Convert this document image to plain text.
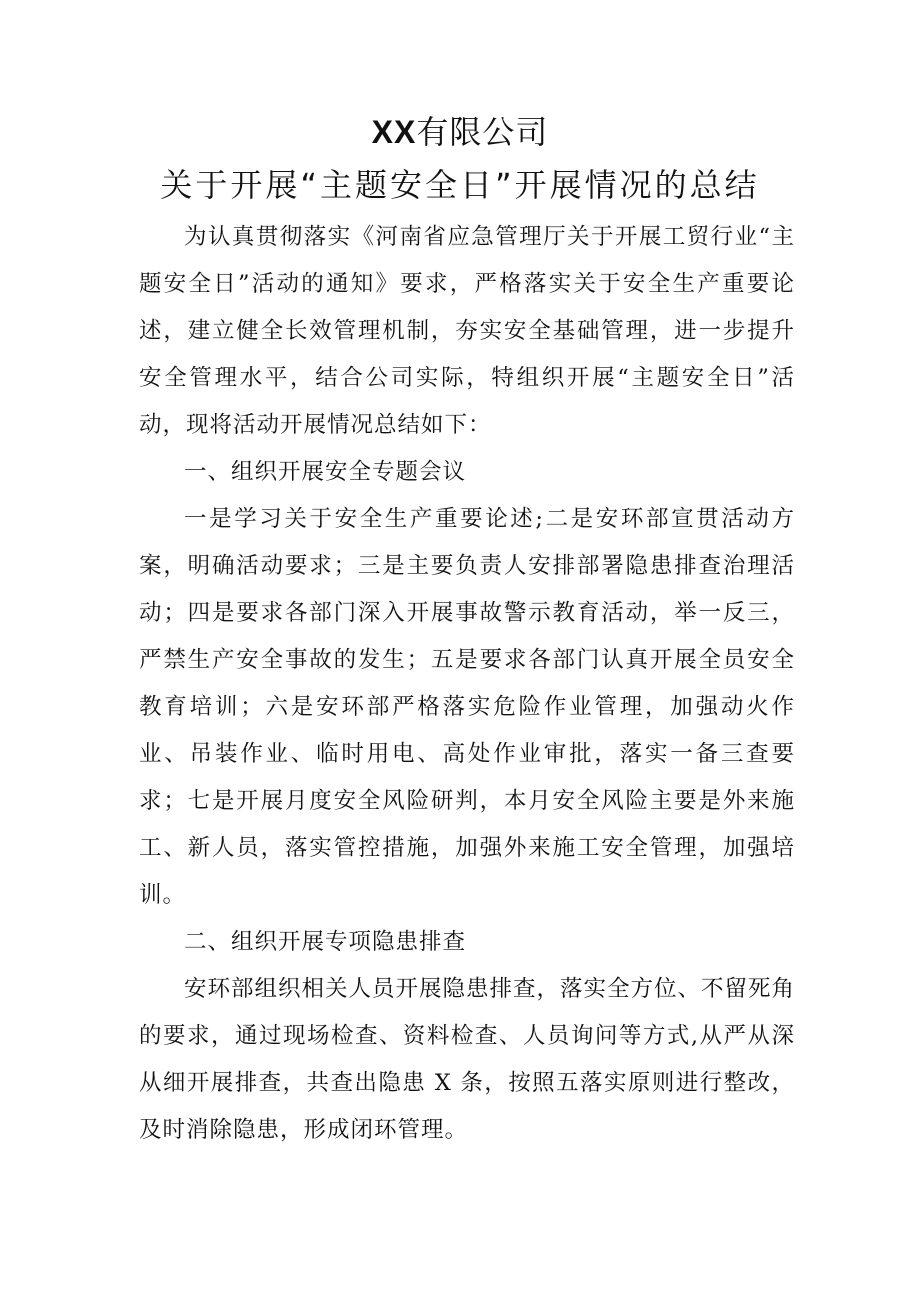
XX有限公司
关于开展“主题安全日”开展情况的总结

为认真贯彻落实《河南省应急管理厅关于开展工贸行业“主题安全日”活动的通知》要求，严格落实关于安全生产重要论述，建立健全长效管理机制，夯实安全基础管理，进一步提升安全管理水平，结合公司实际，特组织开展“主题安全日”活动，现将活动开展情况总结如下：

一、组织开展安全专题会议

一是学习关于安全生产重要论述;二是安环部宣贯活动方案，明确活动要求；三是主要负责人安排部署隐患排查治理活动；四是要求各部门深入开展事故警示教育活动，举一反三，严禁生产安全事故的发生；五是要求各部门认真开展全员安全教育培训；六是安环部严格落实危险作业管理，加强动火作业、吊装作业、临时用电、高处作业审批，落实一备三查要求；七是开展月度安全风险研判，本月安全风险主要是外来施工、新人员，落实管控措施，加强外来施工安全管理，加强培训。

二、组织开展专项隐患排查

安环部组织相关人员开展隐患排查，落实全方位、不留死角的要求，通过现场检查、资料检查、人员询问等方式,从严从深从细开展排查，共查出隐患 X 条，按照五落实原则进行整改，及时消除隐患，形成闭环管理。
